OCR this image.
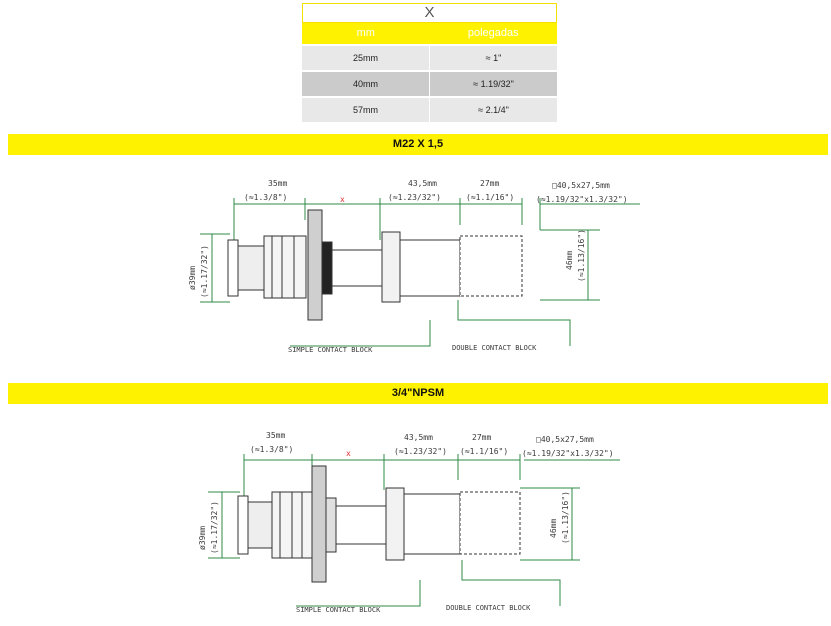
X
mm	polegadas
25mm	≈ 1"
40mm	≈ 1.19/32"
57mm	≈ 2.1/4"
M22 X 1,5
35mm
(≈1.3/8")	x
43,5mm
(≈1.23/32")
27mm
(≈1.1/16")
□40,5x27,5mm
(≈1.19/32"x1.3/32")
ø39mm (≈1.17/32")	46mm (≈1.13/16")
SIMPLE CONTACT BLOCK	DOUBLE CONTACT BLOCK
3/4"NPSM
35mm
(≈1.3/8")	x
43,5mm
(≈1.23/32")
27mm
(≈1.1/16")
□40,5x27,5mm
(≈1.19/32"x1.3/32")
ø39mm (≈1.17/32")	46mm (≈1.13/16")
SIMPLE CONTACT BLOCK	DOUBLE CONTACT BLOCK
